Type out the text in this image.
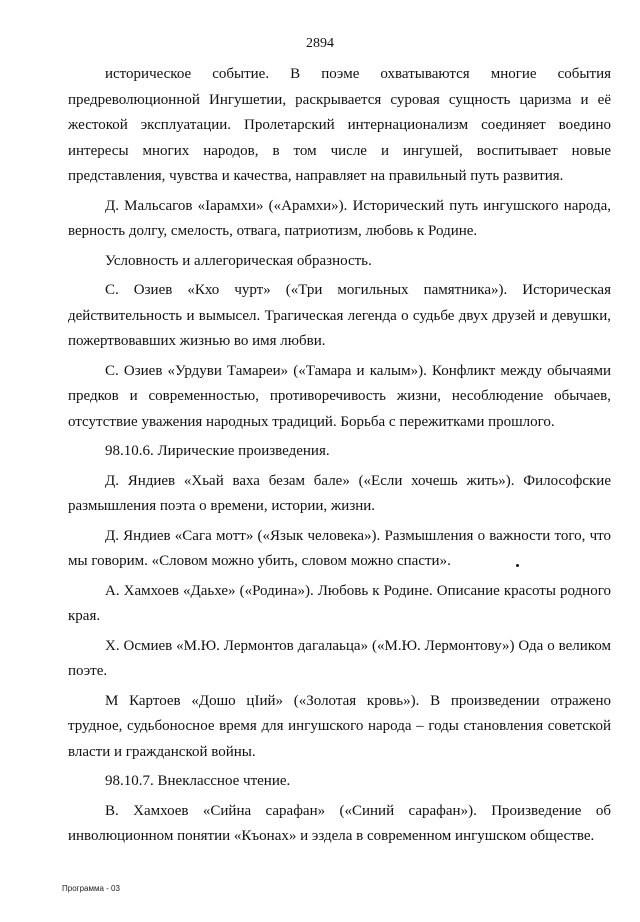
2894

историческое событие. В поэме охватываются многие события предреволюционной Ингушетии, раскрывается суровая сущность царизма и её жестокой эксплуатации. Пролетарский интернационализм соединяет воедино интересы многих народов, в том числе и ингушей, воспитывает новые представления, чувства и качества, направляет на правильный путь развития.

Д. Мальсагов «Іарамхи» («Арамхи»). Исторический путь ингушского народа, верность долгу, смелость, отвага, патриотизм, любовь к Родине.

Условность и аллегорическая образность.

С. Озиев «Кхо чурт» («Три могильных памятника»). Историческая действительность и вымысел. Трагическая легенда о судьбе двух друзей и девушки, пожертвовавших жизнью во имя любви.

С. Озиев «Урдуви Тамареи» («Тамара и калым»). Конфликт между обычаями предков и современностью, противоречивость жизни, несоблюдение обычаев, отсутствие уважения народных традиций. Борьба с пережитками прошлого.

98.10.6. Лирические произведения.

Д. Яндиев «Хьай ваха безам бале» («Если хочешь жить»). Философские размышления поэта о времени, истории, жизни.

Д. Яндиев «Сага мотт» («Язык человека»). Размышления о важности того, что мы говорим. «Словом можно убить, словом можно спасти».

А. Хамхоев «Даьхе» («Родина»). Любовь к Родине. Описание красоты родного края.

Х. Осмиев «М.Ю. Лермонтов дагалаьца» («М.Ю. Лермонтову») Ода о великом поэте.

М Картоев «Дошо цІий» («Золотая кровь»). В произведении отражено трудное, судьбоносное время для ингушского народа – годы становления советской власти и гражданской войны.

98.10.7. Внеклассное чтение.

В. Хамхоев «Сийна сарафан» («Синий сарафан»). Произведение об инволюционном понятии «Къонах» и эздела в современном ингушском обществе.

Программа - 03
